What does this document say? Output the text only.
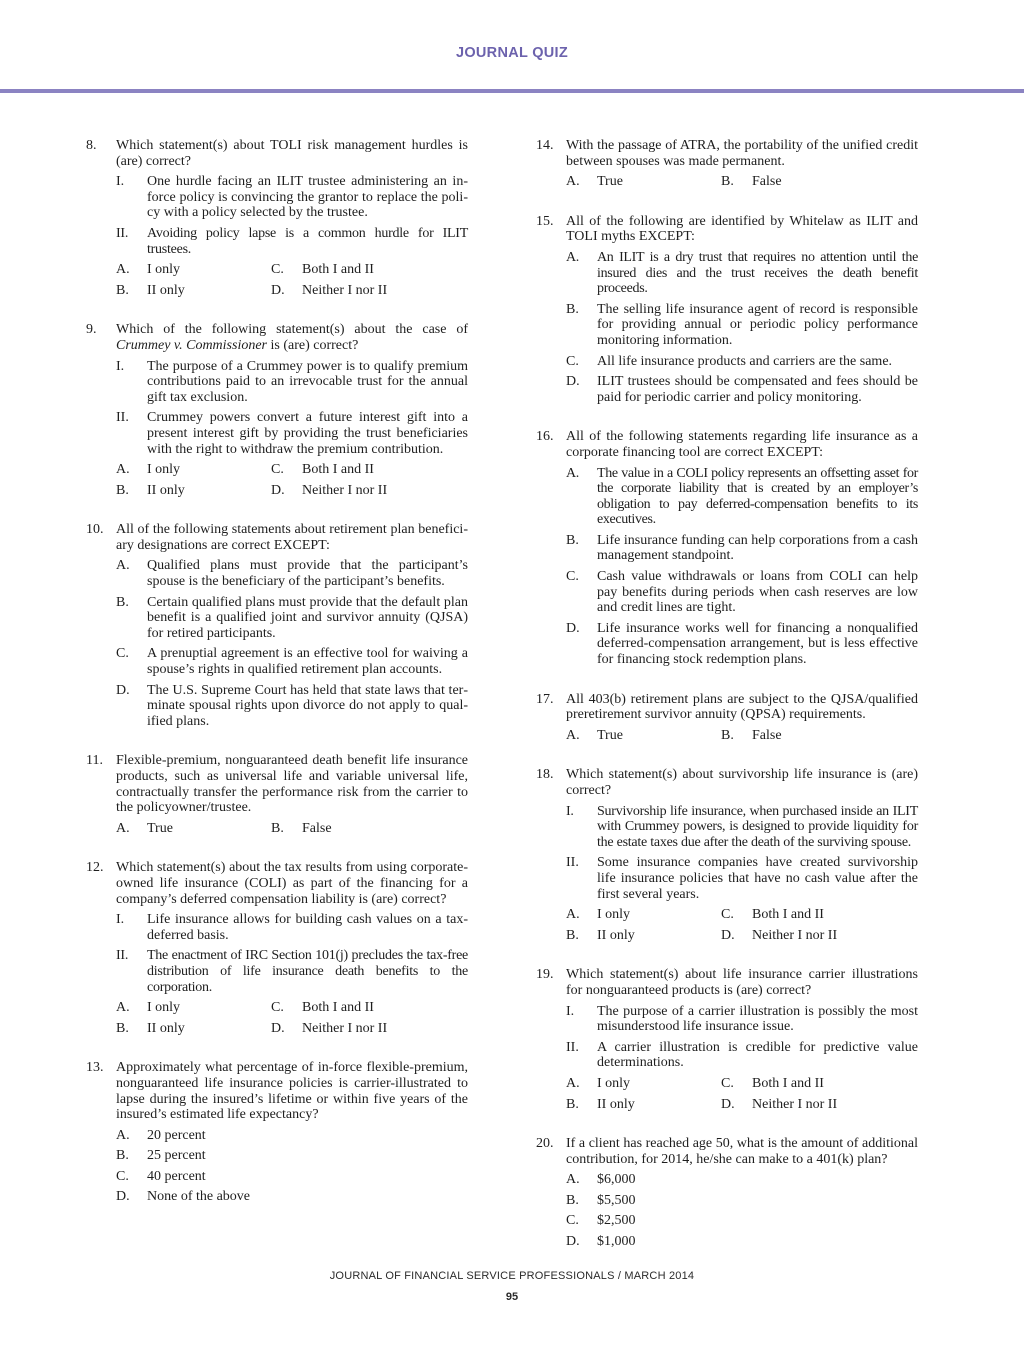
JOURNAL QUIZ
8. Which statement(s) about TOLI risk management hurdles is (are) correct?
I. One hurdle facing an ILIT trustee administering an inforce policy is convincing the grantor to replace the policy with a policy selected by the trustee.
II. Avoiding policy lapse is a common hurdle for ILIT trustees.
A. I only	C. Both I and II
B. II only	D. Neither I nor II
9. Which of the following statement(s) about the case of Crummey v. Commissioner is (are) correct?
I. The purpose of a Crummey power is to qualify premium contributions paid to an irrevocable trust for the annual gift tax exclusion.
II. Crummey powers convert a future interest gift into a present interest gift by providing the trust beneficiaries with the right to withdraw the premium contribution.
A. I only	C. Both I and II
B. II only	D. Neither I nor II
10. All of the following statements about retirement plan beneficiary designations are correct EXCEPT:
A. Qualified plans must provide that the participant’s spouse is the beneficiary of the participant’s benefits.
B. Certain qualified plans must provide that the default plan benefit is a qualified joint and survivor annuity (QJSA) for retired participants.
C. A prenuptial agreement is an effective tool for waiving a spouse’s rights in qualified retirement plan accounts.
D. The U.S. Supreme Court has held that state laws that terminate spousal rights upon divorce do not apply to qualified plans.
11. Flexible-premium, nonguaranteed death benefit life insurance products, such as universal life and variable universal life, contractually transfer the performance risk from the carrier to the policyowner/trustee.
A. True	B. False
12. Which statement(s) about the tax results from using corporate-owned life insurance (COLI) as part of the financing for a company’s deferred compensation liability is (are) correct?
I. Life insurance allows for building cash values on a tax-deferred basis.
II. The enactment of IRC Section 101(j) precludes the tax-free distribution of life insurance death benefits to the corporation.
A. I only	C. Both I and II
B. II only	D. Neither I nor II
13. Approximately what percentage of in-force flexible-premium, nonguaranteed life insurance policies is carrier-illustrated to lapse during the insured’s lifetime or within five years of the insured’s estimated life expectancy?
A. 20 percent
B. 25 percent
C. 40 percent
D. None of the above
14. With the passage of ATRA, the portability of the unified credit between spouses was made permanent.
A. True	B. False
15. All of the following are identified by Whitelaw as ILIT and TOLI myths EXCEPT:
A. An ILIT is a dry trust that requires no attention until the insured dies and the trust receives the death benefit proceeds.
B. The selling life insurance agent of record is responsible for providing annual or periodic policy performance monitoring information.
C. All life insurance products and carriers are the same.
D. ILIT trustees should be compensated and fees should be paid for periodic carrier and policy monitoring.
16. All of the following statements regarding life insurance as a corporate financing tool are correct EXCEPT:
A. The value in a COLI policy represents an offsetting asset for the corporate liability that is created by an employer’s obligation to pay deferred-compensation benefits to its executives.
B. Life insurance funding can help corporations from a cash management standpoint.
C. Cash value withdrawals or loans from COLI can help pay benefits during periods when cash reserves are low and credit lines are tight.
D. Life insurance works well for financing a nonqualified deferred-compensation arrangement, but is less effective for financing stock redemption plans.
17. All 403(b) retirement plans are subject to the QJSA/qualified preretirement survivor annuity (QPSA) requirements.
A. True	B. False
18. Which statement(s) about survivorship life insurance is (are) correct?
I. Survivorship life insurance, when purchased inside an ILIT with Crummey powers, is designed to provide liquidity for the estate taxes due after the death of the surviving spouse.
II. Some insurance companies have created survivorship life insurance policies that have no cash value after the first several years.
A. I only	C. Both I and II
B. II only	D. Neither I nor II
19. Which statement(s) about life insurance carrier illustrations for nonguaranteed products is (are) correct?
I. The purpose of a carrier illustration is possibly the most misunderstood life insurance issue.
II. A carrier illustration is credible for predictive value determinations.
A. I only	C. Both I and II
B. II only	D. Neither I nor II
20. If a client has reached age 50, what is the amount of additional contribution, for 2014, he/she can make to a 401(k) plan?
A. $6,000
B. $5,500
C. $2,500
D. $1,000
JOURNAL OF FINANCIAL SERVICE PROFESSIONALS / MARCH 2014
95
